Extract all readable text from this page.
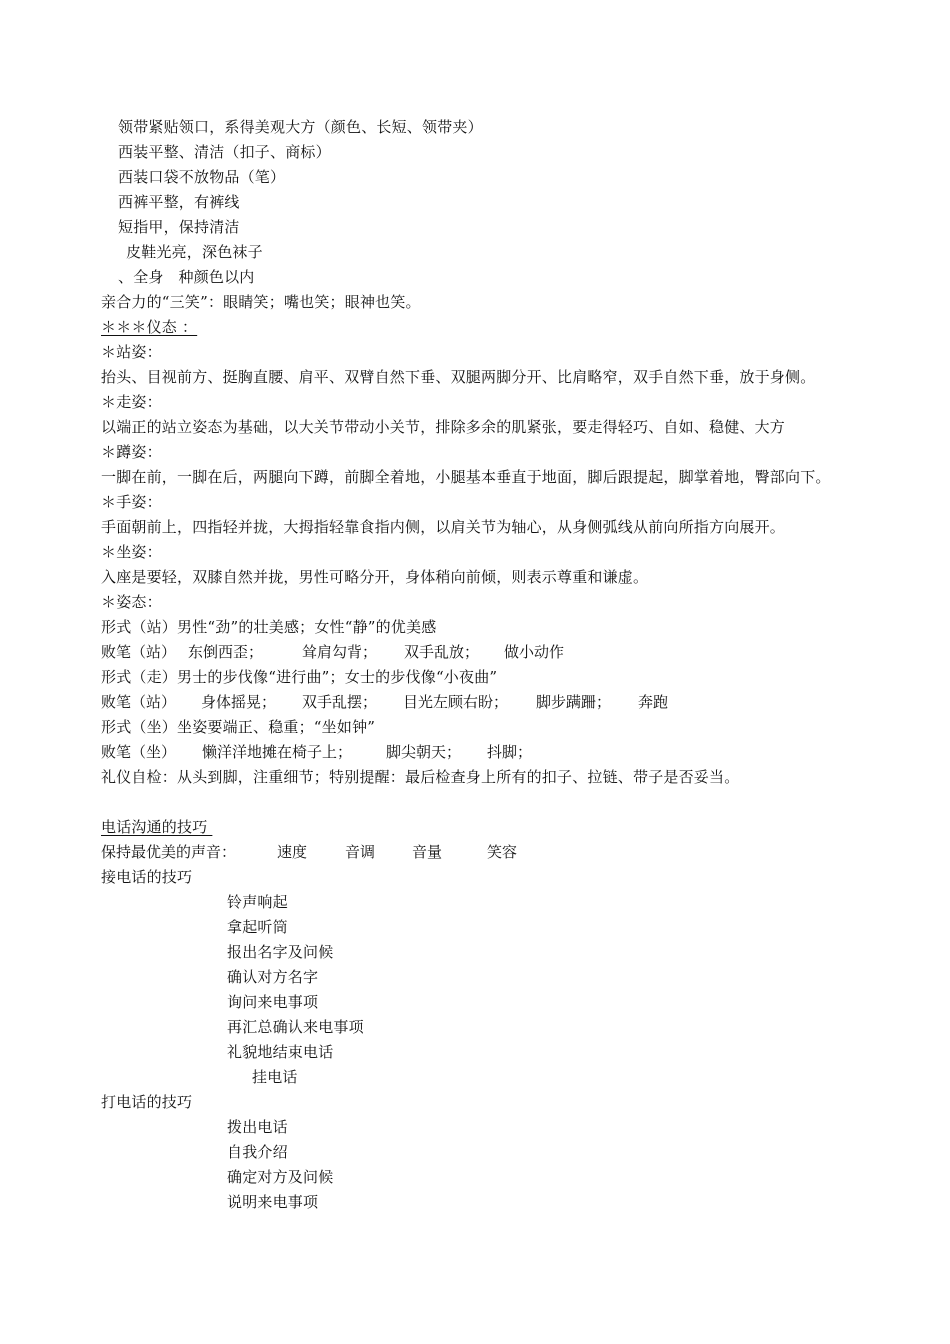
领带紧贴领口，系得美观大方（颜色、长短、领带夹）
西装平整、清洁（扣子、商标）
西装口袋不放物品（笔）
西裤平整，有裤线
短指甲，保持清洁
皮鞋光亮，深色袜子
、全身   种颜色以内
亲合力的“三笑”：眼睛笑；嘴也笑；眼神也笑。
＊＊＊仪态 ：
＊站姿：
抬头、目视前方、挺胸直腰、肩平、双臂自然下垂、双腿两脚分开、比肩略窄，双手自然下垂，放于身侧。
＊走姿：
以端正的站立姿态为基础，以大关节带动小关节，排除多余的肌紧张，要走得轻巧、自如、稳健、大方
＊蹲姿：
一脚在前，一脚在后，两腿向下蹲，前脚全着地，小腿基本垂直于地面，脚后跟提起，脚掌着地，臀部向下。
＊手姿：
手面朝前上，四指轻并拢，大拇指轻靠食指内侧，以肩关节为轴心，从身侧弧线从前向所指方向展开。
＊坐姿：
入座是要轻，双膝自然并拢，男性可略分开，身体稍向前倾，则表示尊重和谦虚。
＊姿态：
形式（站）男性“劲”的壮美感；女性“静”的优美感
败笔（站） 东倒西歪；	耸肩勾背； 双手乱放； 做小动作
形式（走）男士的步伐像“进行曲”；女士的步伐像“小夜曲”
败笔（站） 身体摇晃； 双手乱摆； 目光左顾右盼； 脚步蹒跚； 奔跑
形式（坐）坐姿要端正、稳重；“坐如钟”
败笔（坐） 懒洋洋地摊在椅子上； 脚尖朝天； 抖脚；
礼仪自检：从头到脚，注重细节；特别提醒：最后检查身上所有的扣子、拉链、带子是否妥当。
电话沟通的技巧
保持最优美的声音：	速度	音调 音量	笑容
接电话的技巧
铃声响起
拿起听筒
报出名字及问候
确认对方名字
询问来电事项
再汇总确认来电事项
礼貌地结束电话
挂电话
打电话的技巧
拨出电话
自我介绍
确定对方及问候
说明来电事项
